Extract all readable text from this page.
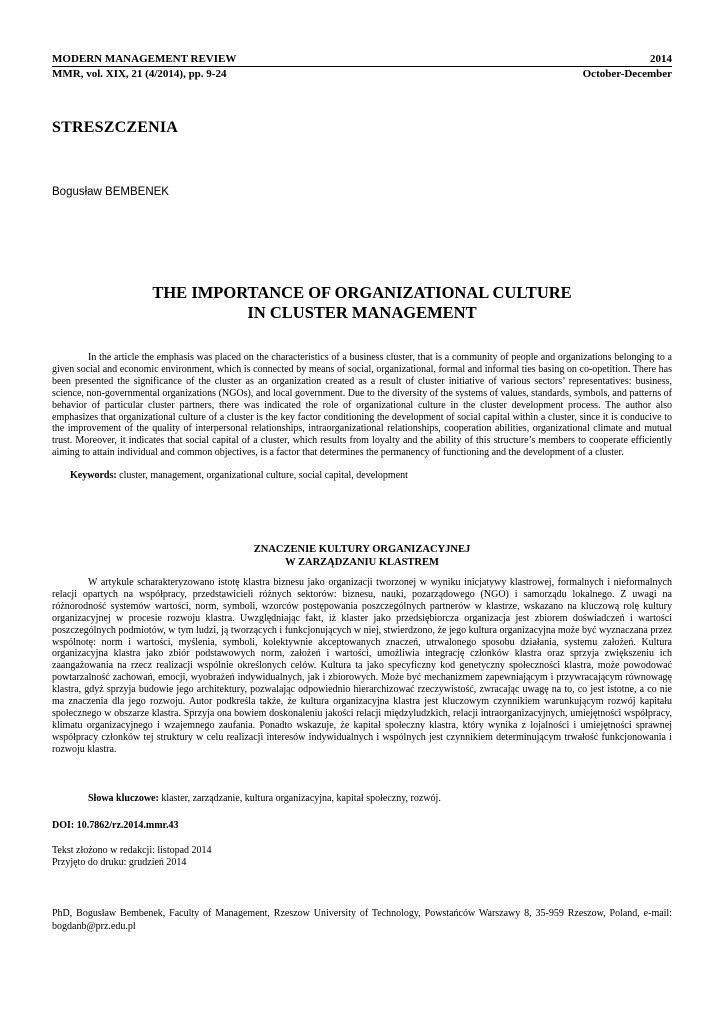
MODERN MANAGEMENT REVIEW	2014
MMR, vol. XIX, 21 (4/2014), pp. 9-24	October-December
STRESZCZENIA
Bogusław BEMBENEK
THE IMPORTANCE OF ORGANIZATIONAL CULTURE
IN CLUSTER MANAGEMENT

In the article the emphasis was placed on the characteristics of a business cluster, that is a community of people and organizations belonging to a given social and economic environment, which is connected by means of social, organizational, formal and informal ties basing on co-opetition. There has been presented the significance of the cluster as an organization created as a result of cluster initiative of various sectors’ representatives: business, science, non-governmental organizations (NGOs), and local government. Due to the diversity of the systems of values, standards, symbols, and patterns of behavior of particular cluster partners, there was indicated the role of organizational culture in the cluster development process. The author also emphasizes that organizational culture of a cluster is the key factor conditioning the development of social capital within a cluster, since it is conducive to the improvement of the quality of interpersonal relationships, intraorganizational relationships, cooperation abilities, organizational climate and mutual trust. Moreover, it indicates that social capital of a cluster, which results from loyalty and the ability of this structure’s members to cooperate efficiently aiming to attain individual and common objectives, is a factor that determines the permanency of functioning and the development of a cluster.

Keywords: cluster, management, organizational culture, social capital, development

ZNACZENIE KULTURY ORGANIZACYJNEJ
W ZARZĄDZANIU KLASTREM

W artykule scharakteryzowano istotę klastra biznesu jako organizacji tworzonej w wyniku inicjatywy klastrowej, formalnych i nieformalnych relacji opartych na współpracy, przedstawicieli różnych sektorów: biznesu, nauki, pozarządowego (NGO) i samorządu lokalnego. Z uwagi na różnorodność systemów wartości, norm, symboli, wzorców postępowania poszczególnych partnerów w klastrze, wskazano na kluczową rolę kultury organizacyjnej w procesie rozwoju klastra. Uwzględniając fakt, iż klaster jako przedsiębiorcza organizacja jest zbiorem doświadczeń i wartości poszczególnych podmiotów, w tym ludzi, ją tworzących i funkcjonujących w niej, stwierdzono, że jego kultura organizacyjna może być wyznaczana przez wspólnotę: norm i wartości, myślenia, symboli, kolektywnie akceptowanych znaczeń, utrwalonego sposobu działania, systemu założeń. Kultura organizacyjna klastra jako zbiór podstawowych norm, założeń i wartości, umożliwia integrację członków klastra oraz sprzyja zwiększeniu ich zaangażowania na rzecz realizacji wspólnie określonych celów. Kultura ta jako specyficzny kod genetyczny społeczności klastra, może powodować powtarzalność zachowań, emocji, wyobrażeń indywidualnych, jak i zbiorowych. Może być mechanizmem zapewniającym i przywracającym równowagę klastra, gdyż sprzyja budowie jego architektury, pozwalając odpowiednio hierarchizować rzeczywistość, zwracając uwagę na to, co jest istotne, a co nie ma znaczenia dla jego rozwoju. Autor podkreśla także, że kultura organizacyjna klastra jest kluczowym czynnikiem warunkującym rozwój kapitału społecznego w obszarze klastra. Sprzyja ona bowiem doskonaleniu jakości relacji międzyludzkich, relacji intraorganizacyjnych, umiejętności współpracy, klimatu organizacyjnego i wzajemnego zaufania. Ponadto wskazuje, że kapitał społeczny klastra, który wynika z lojalności i umiejętności sprawnej współpracy członków tej struktury w celu realizacji interesów indywidualnych i wspólnych jest czynnikiem determinującym trwałość funkcjonowania i rozwoju klastra.

Słowa kluczowe: klaster, zarządzanie, kultura organizacyjna, kapitał społeczny, rozwój.

DOI: 10.7862/rz.2014.mmr.43
Tekst złożono w redakcji: listopad 2014
Przyjęto do druku: grudzień 2014
PhD, Bogusław Bembenek, Faculty of Management, Rzeszow University of Technology, Powstańców Warszawy 8, 35-959 Rzeszow, Poland, e-mail: bogdanb@prz.edu.pl
